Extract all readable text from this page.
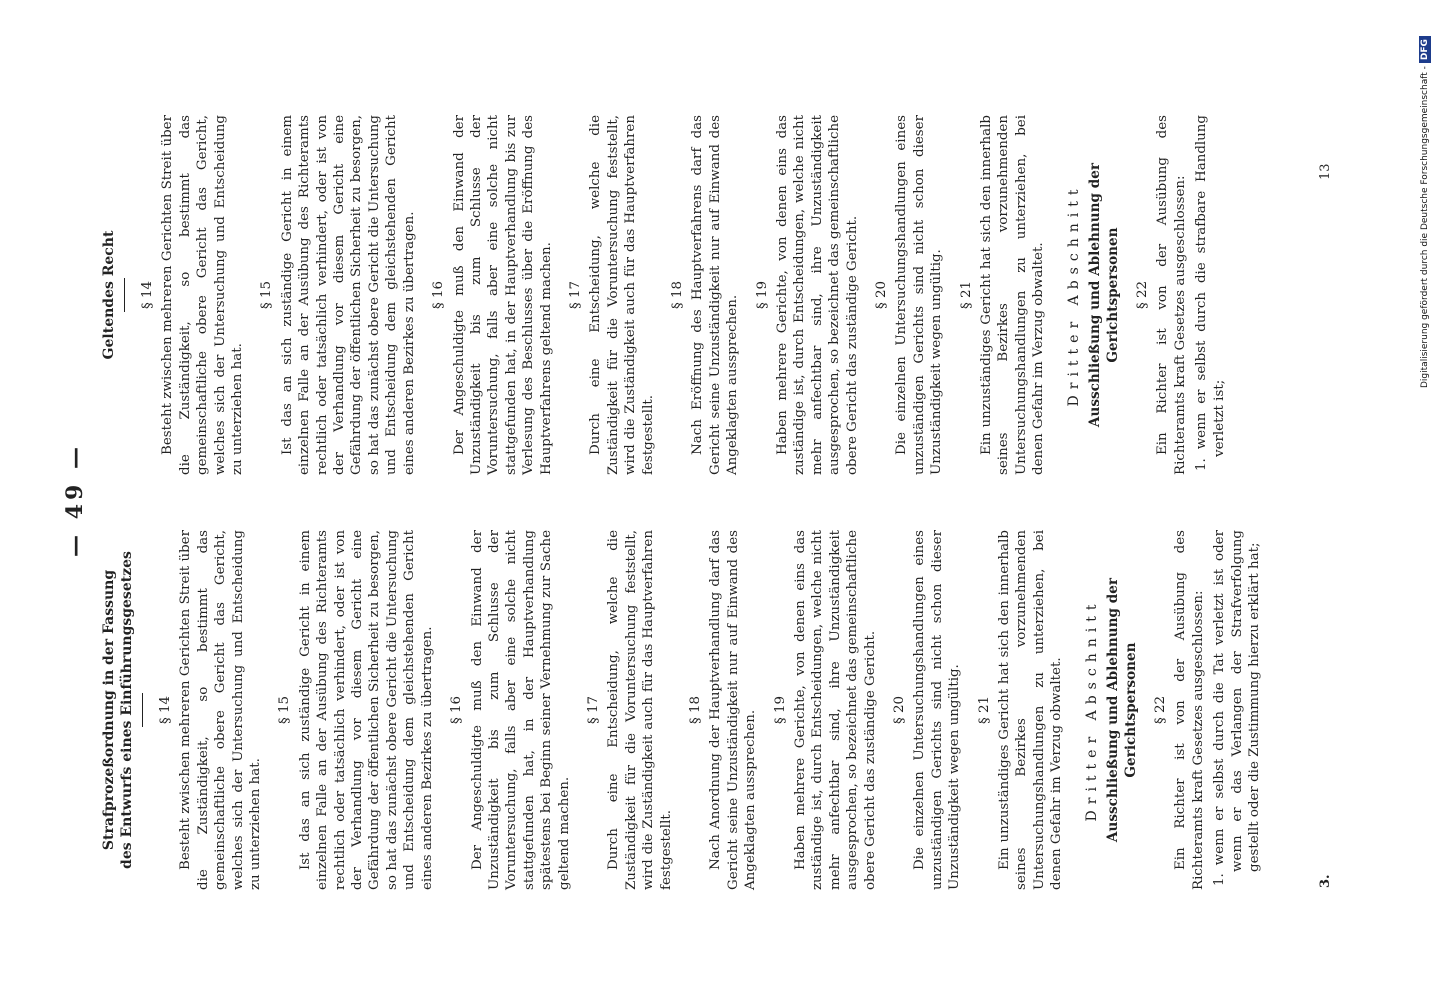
— 49 —
Strafprozeßordnung in der Fassung des Entwurfs eines Einführungsgesetzes § 14 Besteht zwischen mehreren Gerichten Streit über die Zuständigkeit, so bestimmt das gemeinschaftliche obere Gericht das Gericht, welches sich der Untersuchung und Entscheidung zu unterziehen hat.
§ 15 Ist das an sich zuständige Gericht in einem einzelnen Falle an der Ausübung des Richteramts rechtlich oder tatsächlich verhindert, oder ist von der Verhandlung vor diesem Gericht eine Gefährdung der öffentlichen Sicherheit zu besorgen, so hat das zunächst obere Gericht die Untersuchung und Entscheidung dem gleichstehenden Gericht eines anderen Bezirkes zu übertragen. § 16 Der Angeschuldigte muß den Einwand der Unzuständigkeit bis zum Schlusse der Voruntersuchung, falls aber eine solche nicht stattgefunden hat, in der Hauptverhandlung spätestens bei Beginn seiner Vernehmung zur Sache geltend machen.
§ 17 Durch eine Entscheidung, welche die Zuständigkeit für die Voruntersuchung feststellt, wird die Zuständigkeit auch für das Hauptverfahren festgestellt.
§ 18 Nach Anordnung der Hauptverhandlung darf das Gericht seine Unzuständigkeit nur auf Einwand des Angeklagten aussprechen. § 19 Haben mehrere Gerichte, von denen eins das zuständige ist, durch Entscheidungen, welche nicht mehr anfechtbar sind, ihre Unzuständigkeit ausgesprochen, so bezeichnet das gemeinschaftliche obere Gericht das zuständige Gericht. § 20 Die einzelnen Untersuchungshandlungen eines unzuständigen Gerichts sind nicht schon dieser Unzuständigkeit wegen ungültig. § 21 Ein unzuständiges Gericht hat sich den innerhalb seines Bezirkes vorzunehmenden Untersuchungshandlungen zu unterziehen, bei denen Gefahr im Verzug obwaltet. Dritter Abschnitt Ausschließung und Ablehnung der Gerichtspersonen § 22 Ein Richter ist von der Ausübung des Richteramts kraft Gesetzes ausgeschlossen: 1. wenn er selbst durch die Tat verletzt ist oder wenn er das Verlangen der Strafverfolgung gestellt oder die Zustimmung hierzu erklärt hat;
Geltendes Recht § 14 Besteht zwischen mehreren Gerichten Streit über die Zuständigkeit, so bestimmt das gemeinschaftliche obere Gericht das Gericht, welches sich der Untersuchung und Entscheidung zu unterziehen hat.
§ 15 Ist das an sich zuständige Gericht in einem einzelnen Falle an der Ausübung des Richteramts rechtlich oder tatsächlich verhindert, oder ist von der Verhandlung vor diesem Gericht eine Gefährdung der öffentlichen Sicherheit zu besorgen, so hat das zunächst obere Gericht die Untersuchung und Entscheidung dem gleichstehenden Gericht eines anderen Bezirkes zu übertragen. § 16 Der Angeschuldigte muß den Einwand der Unzuständigkeit bis zum Schlusse der Voruntersuchung, falls aber eine solche nicht stattgefunden hat, in der Hauptverhandlung bis zur Verlesung des Beschlusses über die Eröffnung des Hauptverfahrens geltend machen. § 17 Durch eine Entscheidung, welche die Zuständigkeit für die Voruntersuchung feststellt, wird die Zuständigkeit auch für das Hauptverfahren festgestellt.
§ 18 Nach Eröffnung des Hauptverfahrens darf das Gericht seine Unzuständigkeit nur auf Einwand des Angeklagten aussprechen. § 19 Haben mehrere Gerichte, von denen eins das zuständige ist, durch Entscheidungen, welche nicht mehr anfechtbar sind, ihre Unzuständigkeit ausgesprochen, so bezeichnet das gemeinschaftliche obere Gericht das zuständige Gericht. § 20 Die einzelnen Untersuchungshandlungen eines unzuständigen Gerichts sind nicht schon dieser Unzuständigkeit wegen ungültig. § 21 Ein unzuständiges Gericht hat sich den innerhalb seines Bezirkes vorzunehmenden Untersuchungshandlungen zu unterziehen, bei denen Gefahr im Verzug obwaltet. Dritter Abschnitt Ausschließung und Ablehnung der Gerichtspersonen § 22 Ein Richter ist von der Ausübung des Richteramts kraft Gesetzes ausgeschlossen: 1. wenn er selbst durch die strafbare Handlung verletzt ist;
3.
13	Digitalisierung gefördert durch die Deutsche Forschungsgemeinschaft -DFG
